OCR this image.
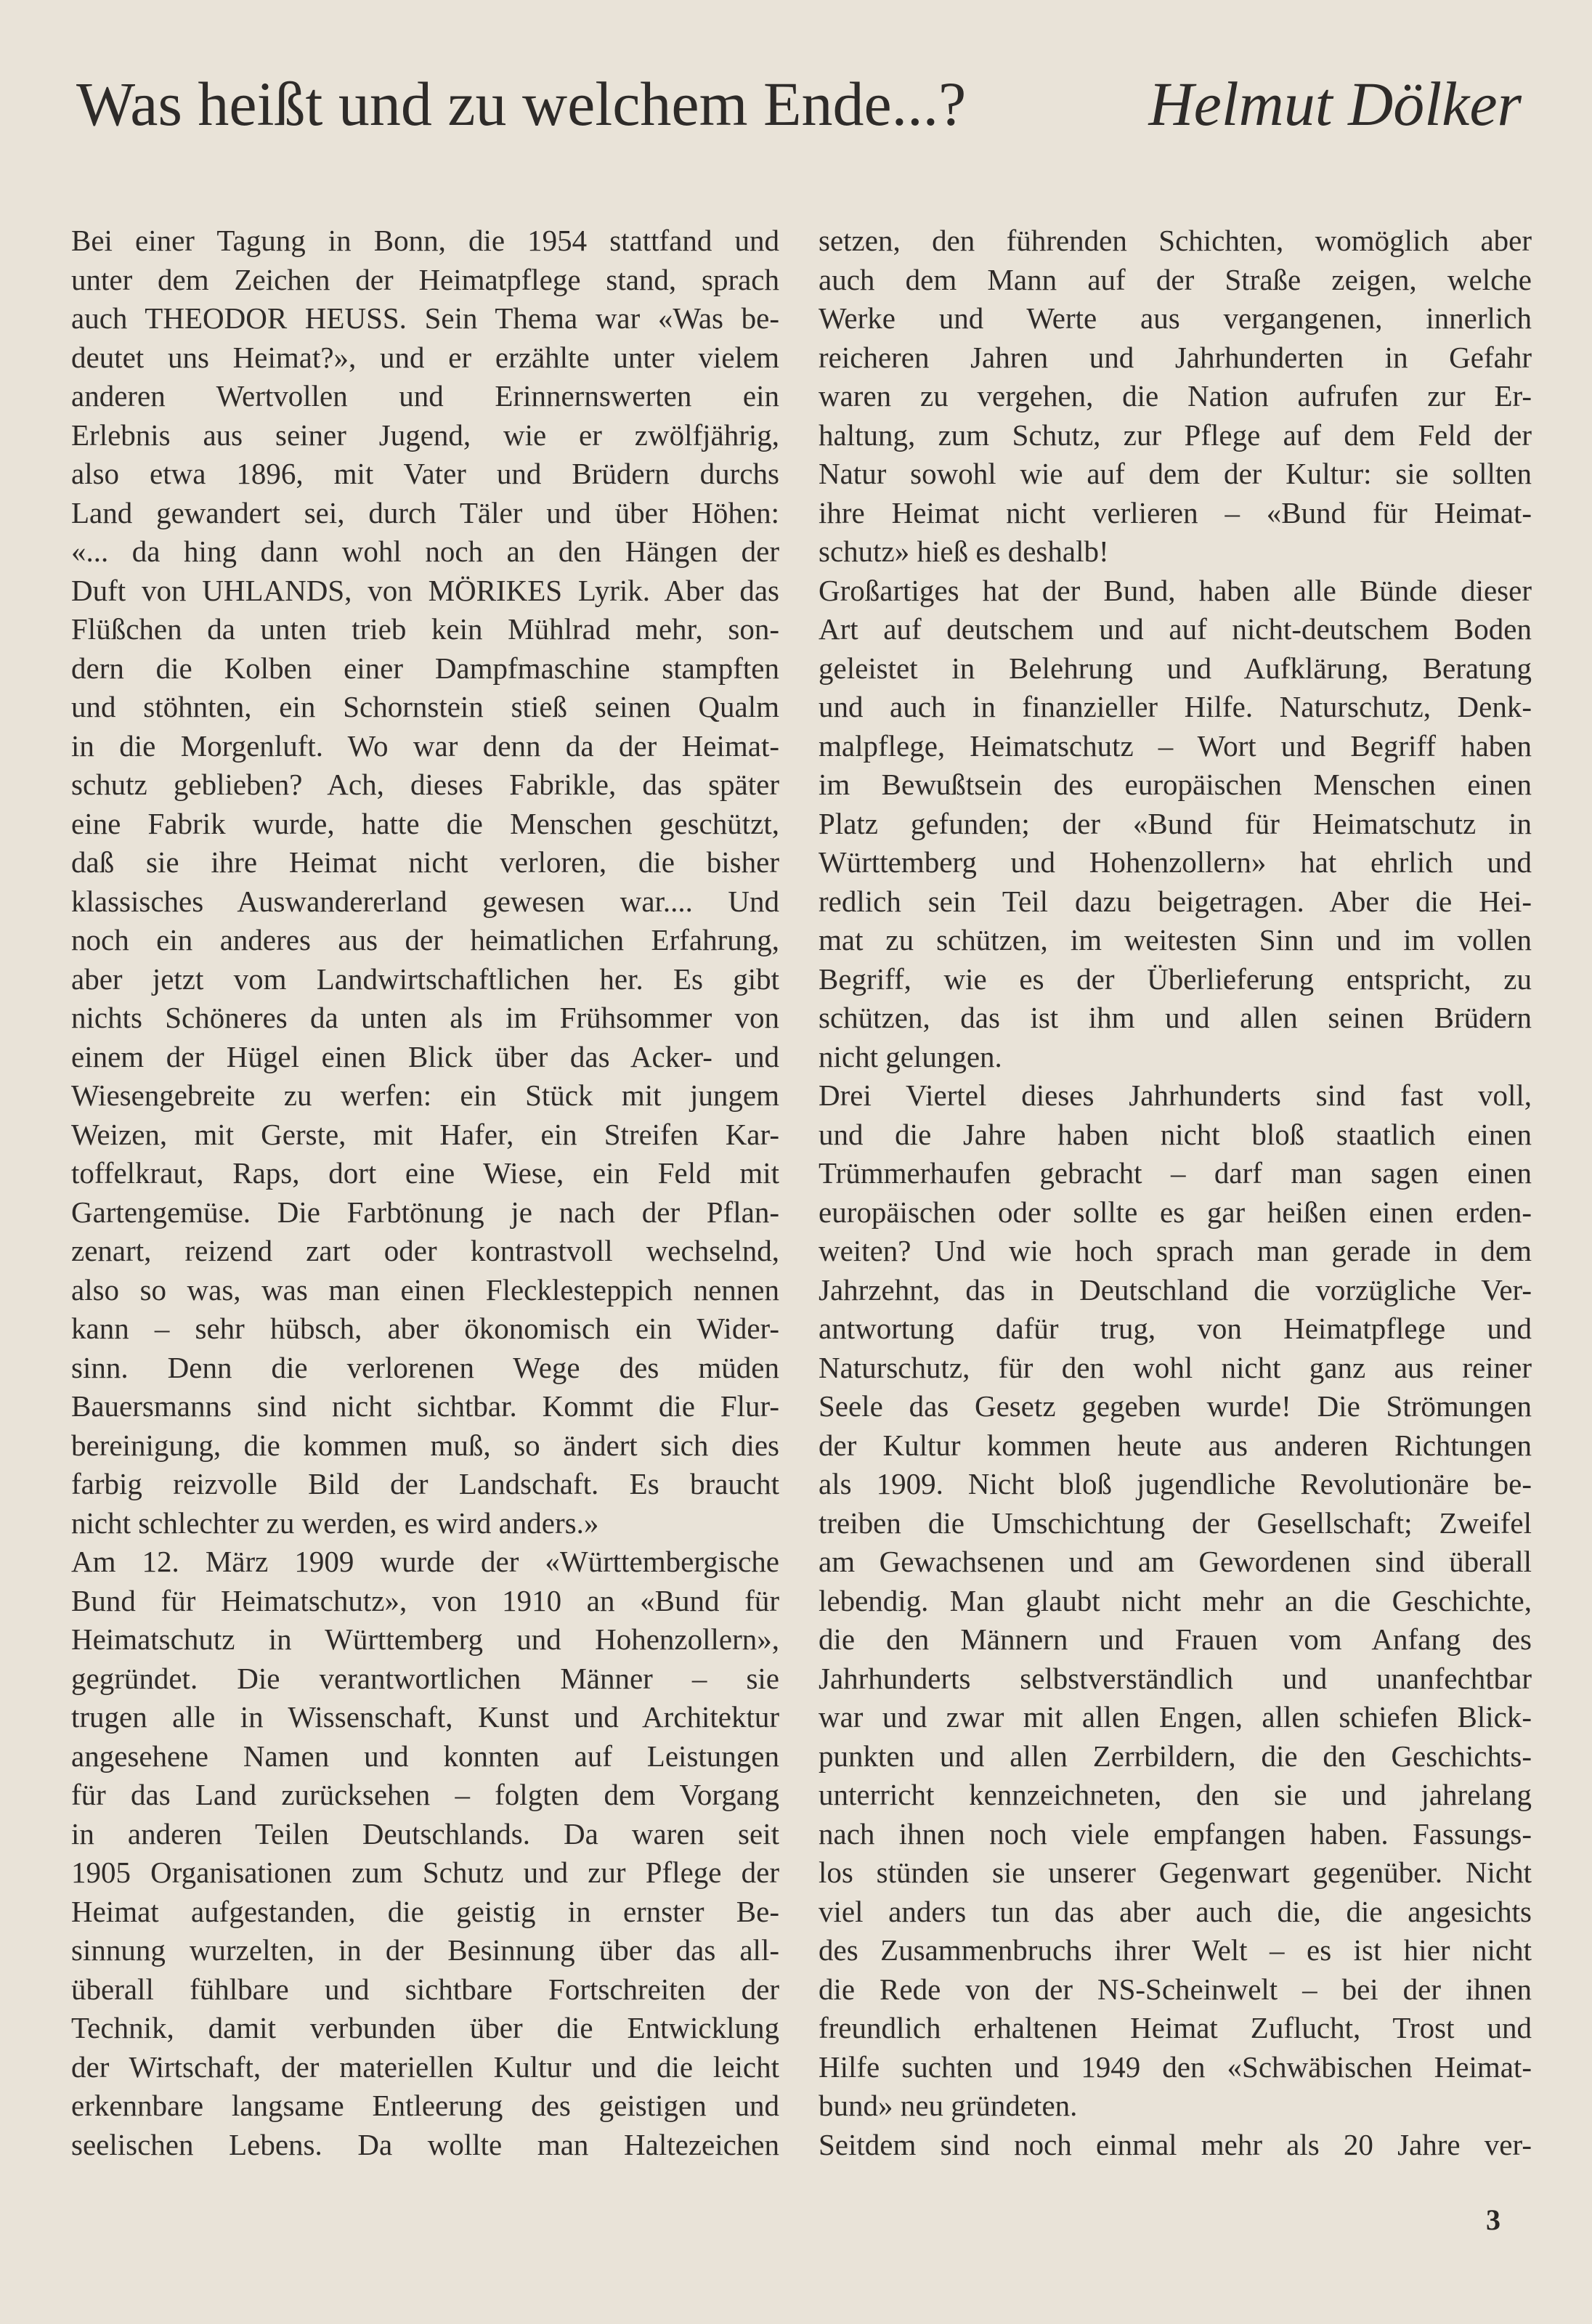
Was heißt und zu welchem Ende...?	Helmut Dölker
Bei einer Tagung in Bonn, die 1954 stattfand und
unter dem Zeichen der Heimatpflege stand, sprach
auch THEODOR HEUSS. Sein Thema war «Was be-
deutet uns Heimat?», und er erzählte unter vielem
anderen Wertvollen und Erinnernswerten ein
Erlebnis aus seiner Jugend, wie er zwölfjährig,
also etwa 1896, mit Vater und Brüdern durchs
Land gewandert sei, durch Täler und über Höhen:
«... da hing dann wohl noch an den Hängen der
Duft von UHLANDS, von MÖRIKES Lyrik. Aber das
Flüßchen da unten trieb kein Mühlrad mehr, son-
dern die Kolben einer Dampfmaschine stampften
und stöhnten, ein Schornstein stieß seinen Qualm
in die Morgenluft. Wo war denn da der Heimat-
schutz geblieben? Ach, dieses Fabrikle, das später
eine Fabrik wurde, hatte die Menschen geschützt,
daß sie ihre Heimat nicht verloren, die bisher
klassisches Auswandererland gewesen war.... Und
noch ein anderes aus der heimatlichen Erfahrung,
aber jetzt vom Landwirtschaftlichen her. Es gibt
nichts Schöneres da unten als im Frühsommer von
einem der Hügel einen Blick über das Acker- und
Wiesengebreite zu werfen: ein Stück mit jungem
Weizen, mit Gerste, mit Hafer, ein Streifen Kar-
toffelkraut, Raps, dort eine Wiese, ein Feld mit
Gartengemüse. Die Farbtönung je nach der Pflan-
zenart, reizend zart oder kontrastvoll wechselnd,
also so was, was man einen Flecklesteppich nennen
kann – sehr hübsch, aber ökonomisch ein Wider-
sinn. Denn die verlorenen Wege des müden
Bauersmanns sind nicht sichtbar. Kommt die Flur-
bereinigung, die kommen muß, so ändert sich dies
farbig reizvolle Bild der Landschaft. Es braucht
nicht schlechter zu werden, es wird anders.»
Am 12. März 1909 wurde der «Württembergische
Bund für Heimatschutz», von 1910 an «Bund für
Heimatschutz in Württemberg und Hohenzollern»,
gegründet. Die verantwortlichen Männer – sie
trugen alle in Wissenschaft, Kunst und Architektur
angesehene Namen und konnten auf Leistungen
für das Land zurücksehen – folgten dem Vorgang
in anderen Teilen Deutschlands. Da waren seit
1905 Organisationen zum Schutz und zur Pflege der
Heimat aufgestanden, die geistig in ernster Be-
sinnung wurzelten, in der Besinnung über das all-
überall fühlbare und sichtbare Fortschreiten der
Technik, damit verbunden über die Entwicklung
der Wirtschaft, der materiellen Kultur und die leicht
erkennbare langsame Entleerung des geistigen und
seelischen Lebens. Da wollte man Haltezeichen
setzen, den führenden Schichten, womöglich aber
auch dem Mann auf der Straße zeigen, welche
Werke und Werte aus vergangenen, innerlich
reicheren Jahren und Jahrhunderten in Gefahr
waren zu vergehen, die Nation aufrufen zur Er-
haltung, zum Schutz, zur Pflege auf dem Feld der
Natur sowohl wie auf dem der Kultur: sie sollten
ihre Heimat nicht verlieren – «Bund für Heimat-
schutz» hieß es deshalb!
Großartiges hat der Bund, haben alle Bünde dieser
Art auf deutschem und auf nicht-deutschem Boden
geleistet in Belehrung und Aufklärung, Beratung
und auch in finanzieller Hilfe. Naturschutz, Denk-
malpflege, Heimatschutz – Wort und Begriff haben
im Bewußtsein des europäischen Menschen einen
Platz gefunden; der «Bund für Heimatschutz in
Württemberg und Hohenzollern» hat ehrlich und
redlich sein Teil dazu beigetragen. Aber die Hei-
mat zu schützen, im weitesten Sinn und im vollen
Begriff, wie es der Überlieferung entspricht, zu
schützen, das ist ihm und allen seinen Brüdern
nicht gelungen.
Drei Viertel dieses Jahrhunderts sind fast voll,
und die Jahre haben nicht bloß staatlich einen
Trümmerhaufen gebracht – darf man sagen einen
europäischen oder sollte es gar heißen einen erden-
weiten? Und wie hoch sprach man gerade in dem
Jahrzehnt, das in Deutschland die vorzügliche Ver-
antwortung dafür trug, von Heimatpflege und
Naturschutz, für den wohl nicht ganz aus reiner
Seele das Gesetz gegeben wurde! Die Strömungen
der Kultur kommen heute aus anderen Richtungen
als 1909. Nicht bloß jugendliche Revolutionäre be-
treiben die Umschichtung der Gesellschaft; Zweifel
am Gewachsenen und am Gewordenen sind überall
lebendig. Man glaubt nicht mehr an die Geschichte,
die den Männern und Frauen vom Anfang des
Jahrhunderts selbstverständlich und unanfechtbar
war und zwar mit allen Engen, allen schiefen Blick-
punkten und allen Zerrbildern, die den Geschichts-
unterricht kennzeichneten, den sie und jahrelang
nach ihnen noch viele empfangen haben. Fassungs-
los stünden sie unserer Gegenwart gegenüber. Nicht
viel anders tun das aber auch die, die angesichts
des Zusammenbruchs ihrer Welt – es ist hier nicht
die Rede von der NS-Scheinwelt – bei der ihnen
freundlich erhaltenen Heimat Zuflucht, Trost und
Hilfe suchten und 1949 den «Schwäbischen Heimat-
bund» neu gründeten.
Seitdem sind noch einmal mehr als 20 Jahre ver-
3
